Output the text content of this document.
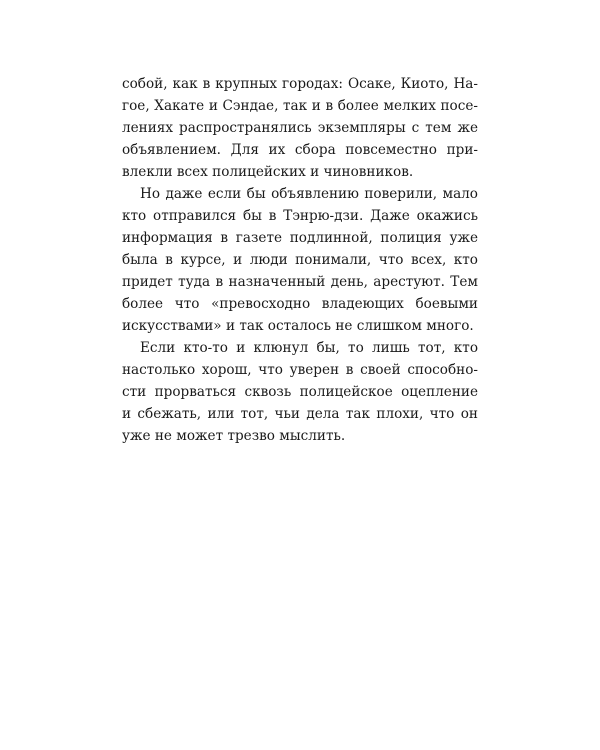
собой, как в крупных городах: Осаке, Киото, На-
гое, Хакате и Сэндае, так и в более мелких посе-
лениях распространялись экземпляры с тем же
объявлением. Для их сбора повсеместно при-
влекли всех полицейских и чиновников.
Но даже если бы объявлению поверили, мало
кто отправился бы в Тэнрю-дзи. Даже окажись
информация в газете подлинной, полиция уже
была в курсе, и люди понимали, что всех, кто
придет туда в назначенный день, арестуют. Тем
более что «превосходно владеющих боевыми
искусствами» и так осталось не слишком много.
Если кто-то и клюнул бы, то лишь тот, кто
настолько хорош, что уверен в своей способно-
сти прорваться сквозь полицейское оцепление
и сбежать, или тот, чьи дела так плохи, что он
уже не может трезво мыслить.
